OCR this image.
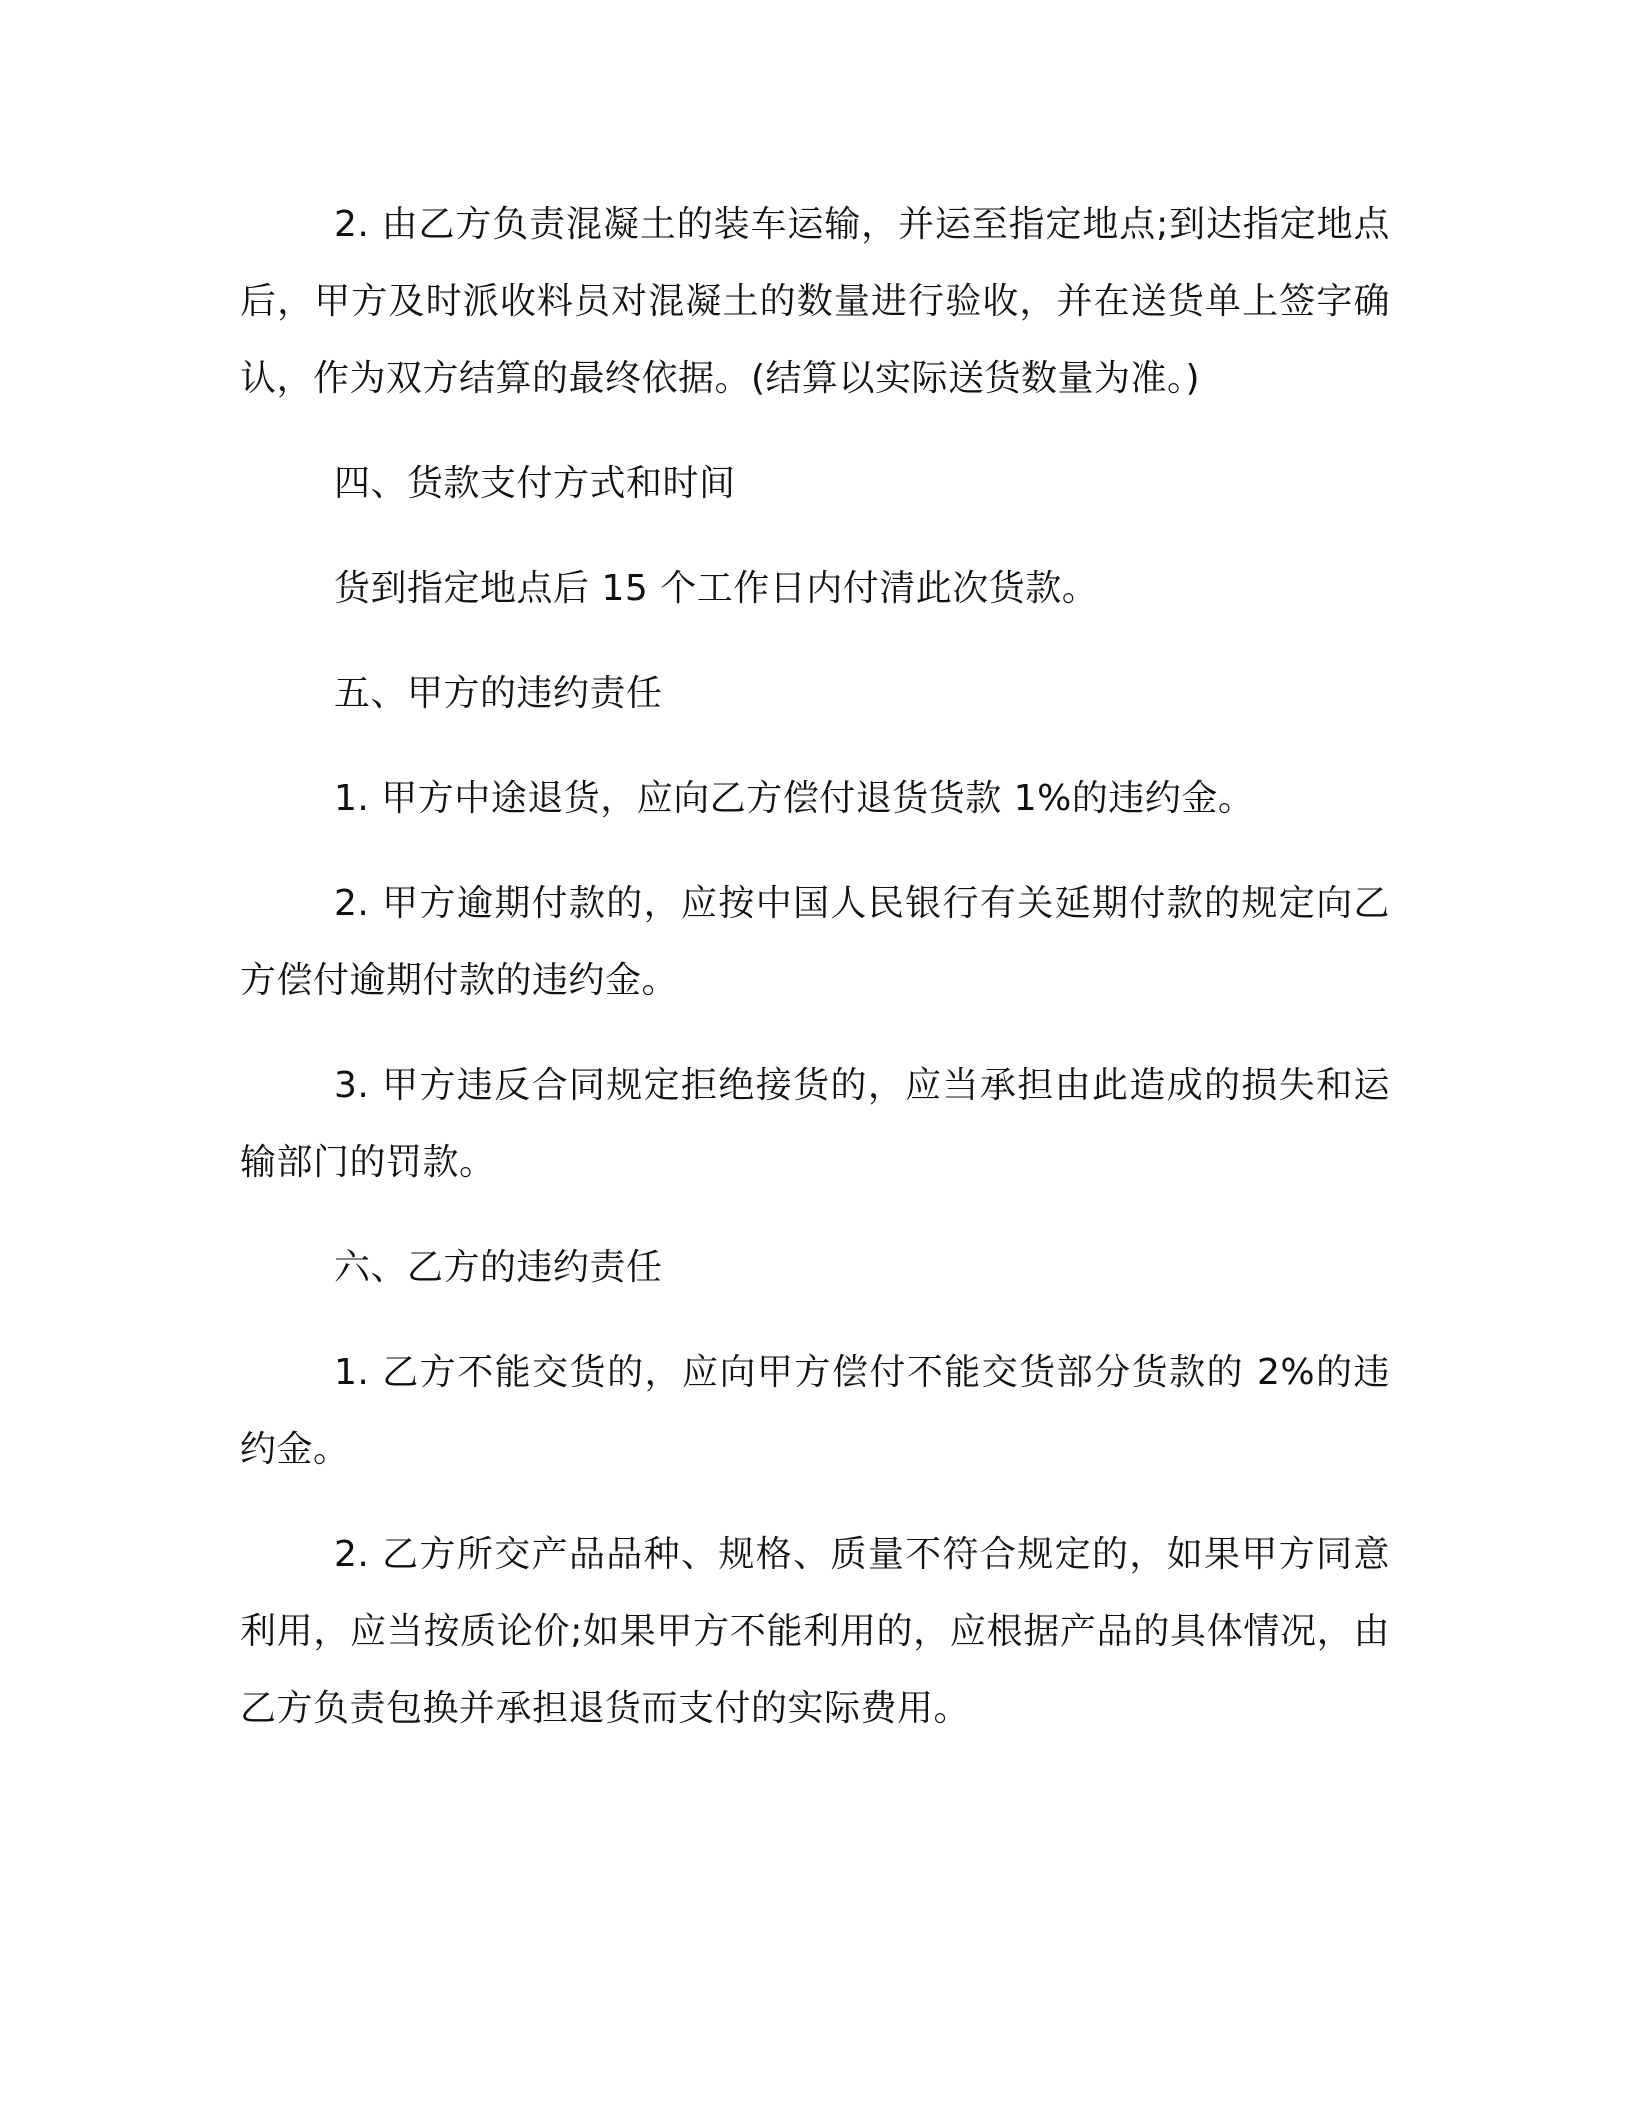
2. 由乙方负责混凝土的装车运输，并运至指定地点;到达指定地点后，甲方及时派收料员对混凝土的数量进行验收，并在送货单上签字确认，作为双方结算的最终依据。(结算以实际送货数量为准。)

四、货款支付方式和时间

货到指定地点后 15 个工作日内付清此次货款。

五、甲方的违约责任

1. 甲方中途退货，应向乙方偿付退货货款 1%的违约金。

2. 甲方逾期付款的，应按中国人民银行有关延期付款的规定向乙方偿付逾期付款的违约金。

3. 甲方违反合同规定拒绝接货的，应当承担由此造成的损失和运输部门的罚款。

六、乙方的违约责任

1. 乙方不能交货的，应向甲方偿付不能交货部分货款的 2%的违约金。

2. 乙方所交产品品种、规格、质量不符合规定的，如果甲方同意利用，应当按质论价;如果甲方不能利用的，应根据产品的具体情况，由乙方负责包换并承担退货而支付的实际费用。
